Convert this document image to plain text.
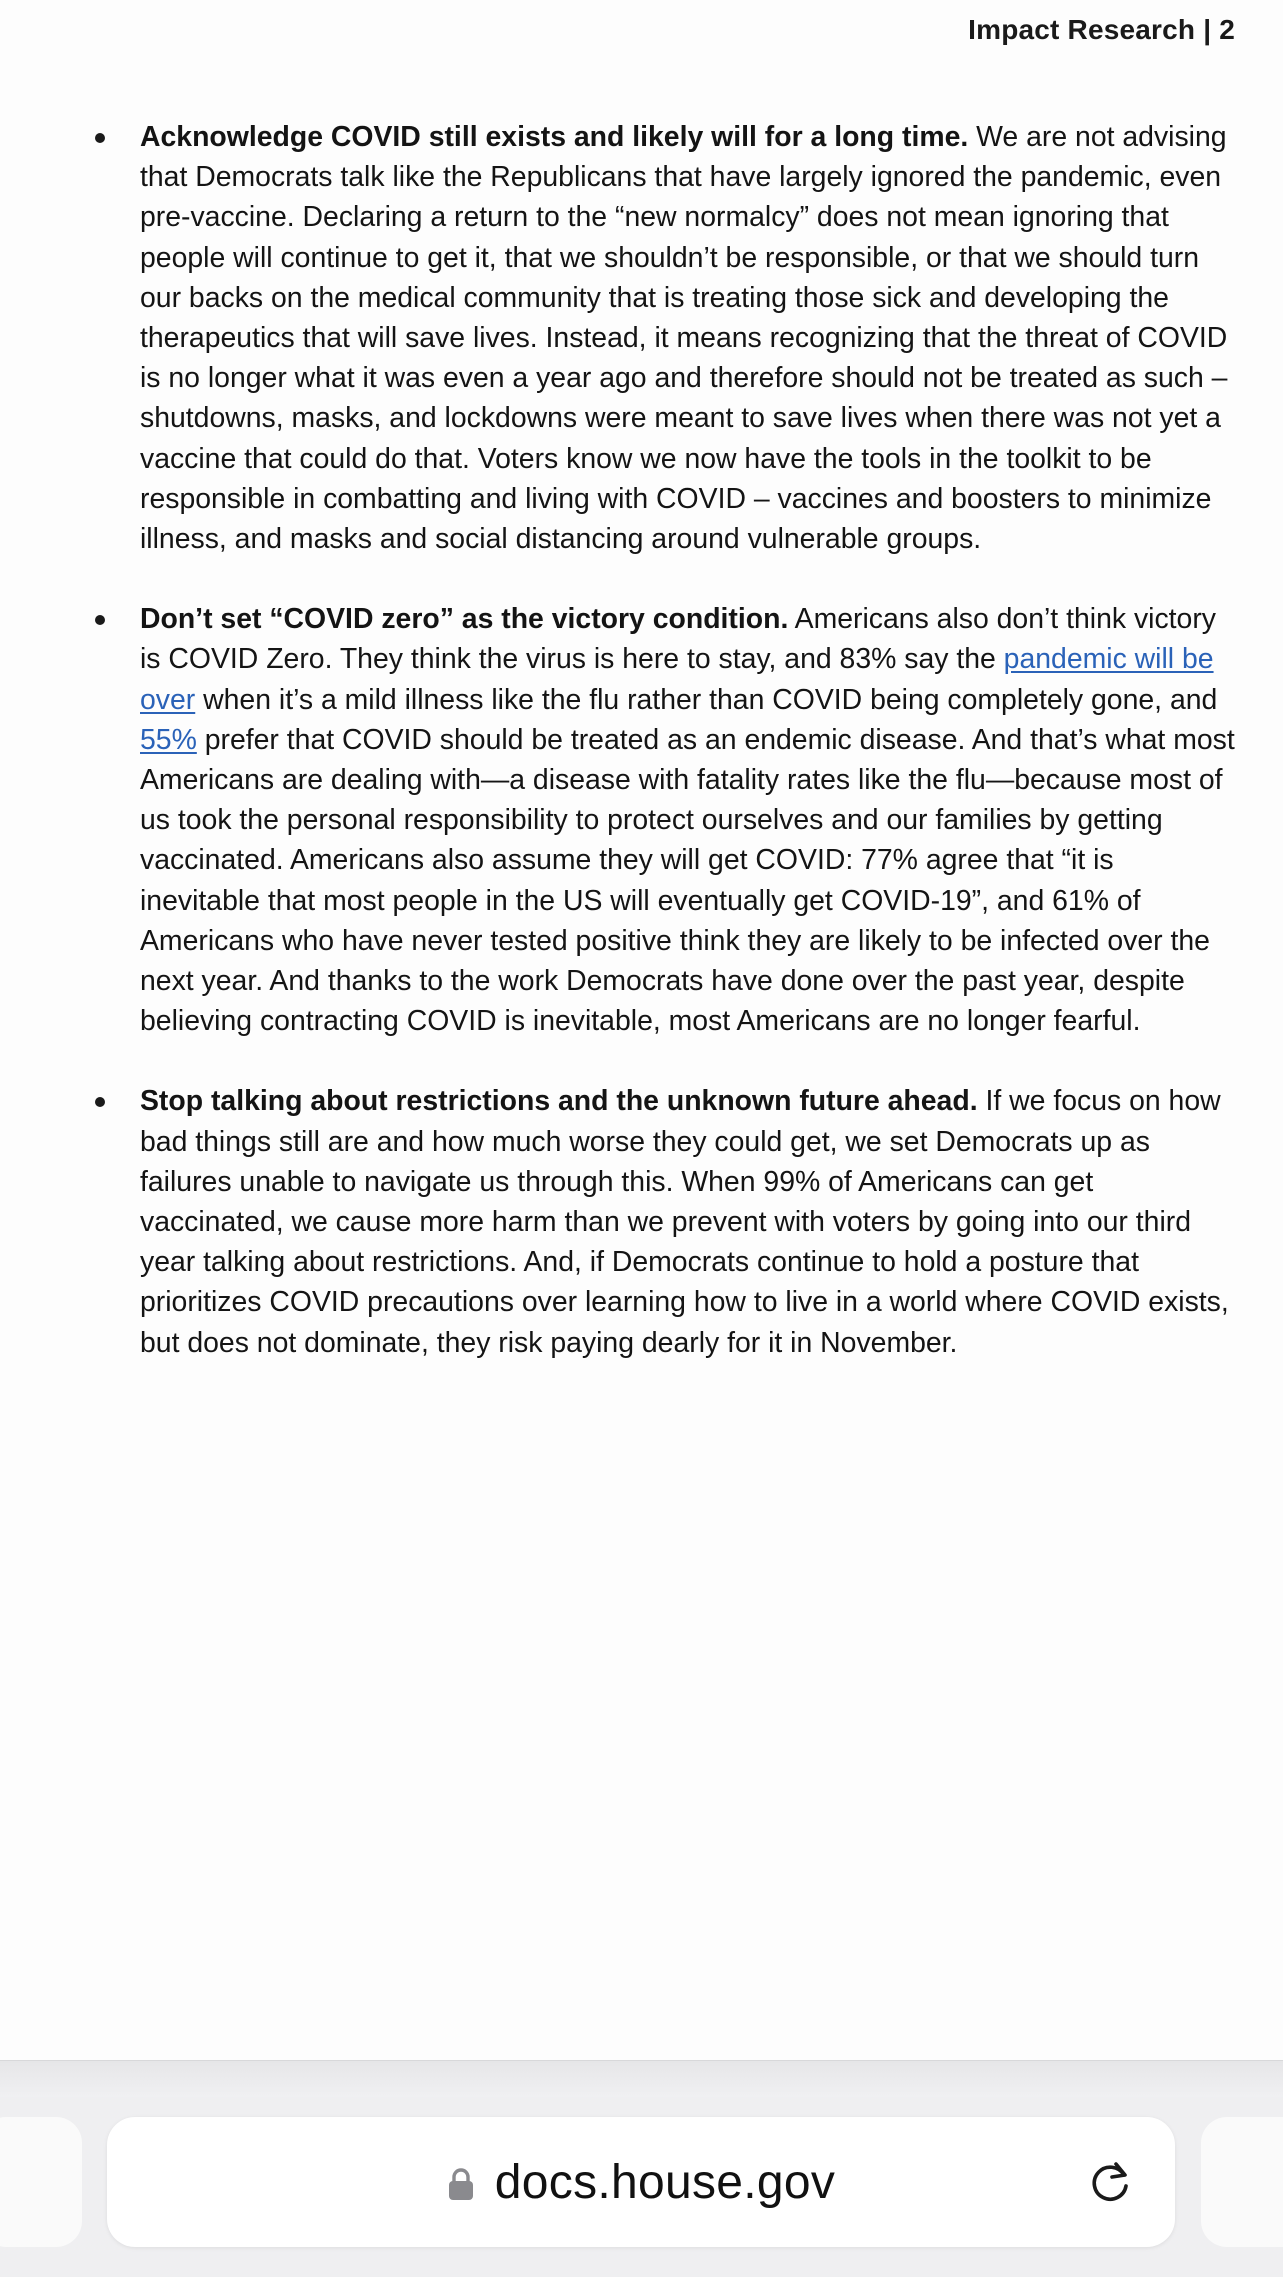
Impact Research | 2
Acknowledge COVID still exists and likely will for a long time. We are not advising that Democrats talk like the Republicans that have largely ignored the pandemic, even pre-vaccine. Declaring a return to the “new normalcy” does not mean ignoring that people will continue to get it, that we shouldn’t be responsible, or that we should turn our backs on the medical community that is treating those sick and developing the therapeutics that will save lives. Instead, it means recognizing that the threat of COVID is no longer what it was even a year ago and therefore should not be treated as such – shutdowns, masks, and lockdowns were meant to save lives when there was not yet a vaccine that could do that. Voters know we now have the tools in the toolkit to be responsible in combatting and living with COVID – vaccines and boosters to minimize illness, and masks and social distancing around vulnerable groups.
Don’t set “COVID zero” as the victory condition. Americans also don’t think victory is COVID Zero. They think the virus is here to stay, and 83% say the pandemic will be over when it’s a mild illness like the flu rather than COVID being completely gone, and 55% prefer that COVID should be treated as an endemic disease. And that’s what most Americans are dealing with—a disease with fatality rates like the flu—because most of us took the personal responsibility to protect ourselves and our families by getting vaccinated. Americans also assume they will get COVID: 77% agree that “it is inevitable that most people in the US will eventually get COVID-19”, and 61% of Americans who have never tested positive think they are likely to be infected over the next year. And thanks to the work Democrats have done over the past year, despite believing contracting COVID is inevitable, most Americans are no longer fearful.
Stop talking about restrictions and the unknown future ahead. If we focus on how bad things still are and how much worse they could get, we set Democrats up as failures unable to navigate us through this. When 99% of Americans can get vaccinated, we cause more harm than we prevent with voters by going into our third year talking about restrictions. And, if Democrats continue to hold a posture that prioritizes COVID precautions over learning how to live in a world where COVID exists, but does not dominate, they risk paying dearly for it in November.
docs.house.gov
